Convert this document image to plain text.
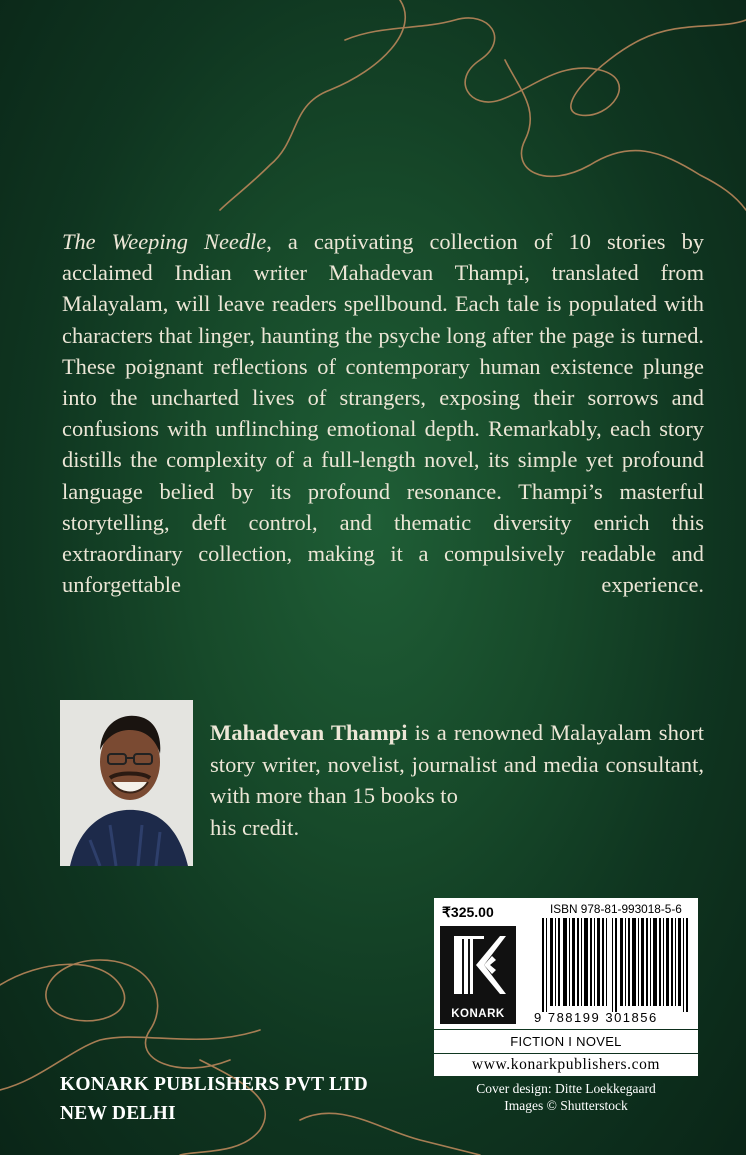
The Weeping Needle, a captivating collection of 10 stories by acclaimed Indian writer Mahadevan Thampi, translated from Malayalam, will leave readers spellbound. Each tale is populated with characters that linger, haunting the psyche long after the page is turned. These poignant reflections of contemporary human existence plunge into the uncharted lives of strangers, exposing their sorrows and confusions with unflinching emotional depth. Remarkably, each story distills the complexity of a full-length novel, its simple yet profound language belied by its profound resonance. Thampi’s masterful storytelling, deft control, and thematic diversity enrich this extraordinary collection, making it a compulsively readable and unforgettable experience.

Mahadevan Thampi is a renowned Malayalam short story writer, novelist, journalist and media consultant, with more than 15 books to
his credit.

KONARK PUBLISHERS PVT LTD
NEW DELHI
₹325.00
KONARK
ISBN 978-81-993018-5-6
9 788199 301856
FICTION I NOVEL
www.konarkpublishers.com
Cover design: Ditte Loekkegaard
Images © Shutterstock
